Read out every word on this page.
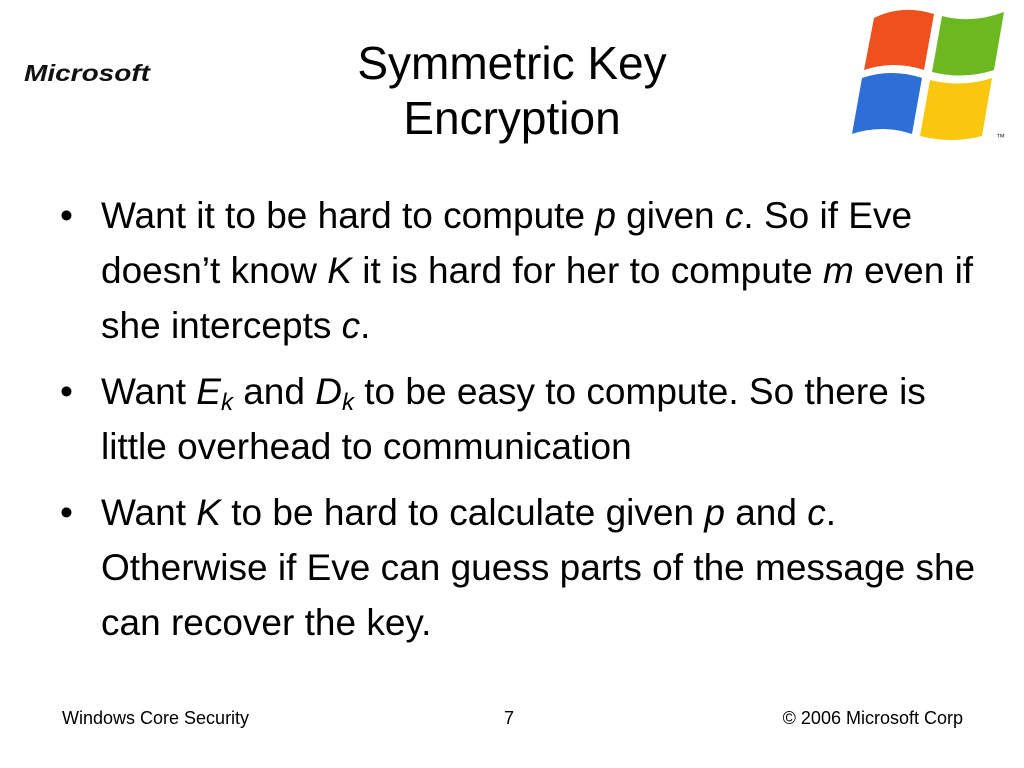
Microsoft	Symmetric Key
Encryption	™
• Want it to be hard to compute p given c. So if Eve doesn’t know K it is hard for her to compute m even if she intercepts c.
• Want $E_k$ and $D_k$ to be easy to compute. So there is little overhead to communication
• Want K to be hard to calculate given p and c. Otherwise if Eve can guess parts of the message she can recover the key.
Windows Core Security	7	© 2006 Microsoft Corp
